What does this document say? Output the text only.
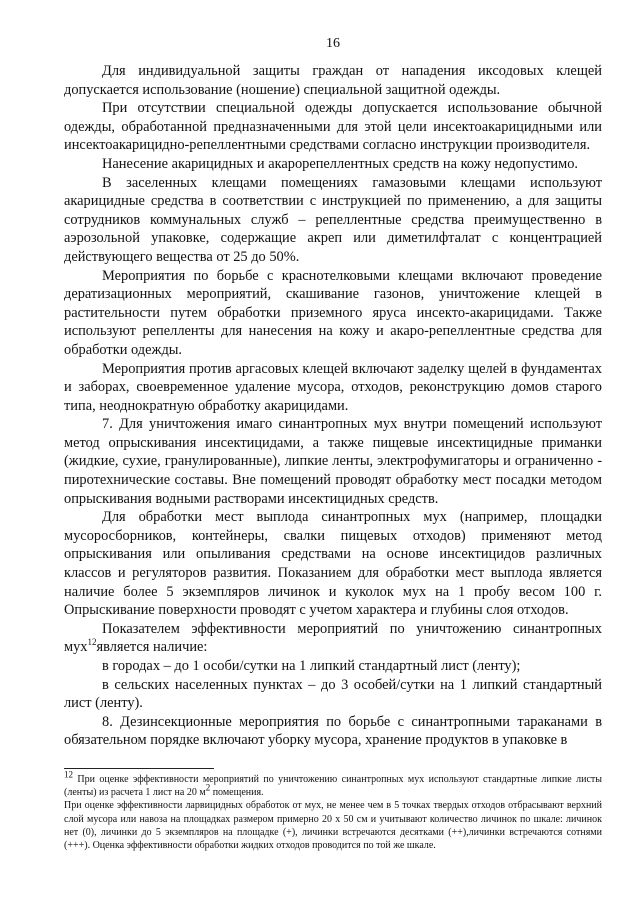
16

Для индивидуальной защиты граждан от нападения иксодовых клещей допускается использование (ношение) специальной защитной одежды.

При отсутствии специальной одежды допускается использование обычной одежды, обработанной предназначенными для этой цели инсектоакарицидными или инсектоакарицидно-репеллентными средствами согласно инструкции производителя.

Нанесение акарицидных и акарорепеллентных средств на кожу недопустимо.

В заселенных клещами помещениях гамазовыми клещами используют акарицидные средства в соответствии с инструкцией по применению, а для защиты сотрудников коммунальных служб – репеллентные средства преимущественно в аэрозольной упаковке, содержащие акреп или диметилфталат с концентрацией действующего вещества от 25 до 50%.

Мероприятия по борьбе с краснотелковыми клещами включают проведение дератизационных мероприятий, скашивание газонов, уничтожение клещей в растительности путем обработки приземного яруса инсекто-акарицидами. Также используют репелленты для нанесения на кожу и акаро-репеллентные средства для обработки одежды.

Мероприятия против аргасовых клещей включают заделку щелей в фундаментах и заборах, своевременное удаление мусора, отходов, реконструкцию домов старого типа, неоднократную обработку акарицидами.

7. Для уничтожения имаго синантропных мух внутри помещений используют метод опрыскивания инсектицидами, а также пищевые инсектицидные приманки (жидкие, сухие, гранулированные), липкие ленты, электрофумигаторы и ограниченно - пиротехнические составы. Вне помещений проводят обработку мест посадки методом опрыскивания водными растворами инсектицидных средств.

Для обработки мест выплода синантропных мух (например, площадки мусоросборников, контейнеры, свалки пищевых отходов) применяют метод опрыскивания или опыливания средствами на основе инсектицидов различных классов и регуляторов развития. Показанием для обработки мест выплода является наличие более 5 экземпляров личинок и куколок мух на 1 пробу весом 100 г. Опрыскивание поверхности проводят с учетом характера и глубины слоя отходов.

Показателем эффективности мероприятий по уничтожению синантропных мух$^{12}$является наличие:

в городах – до 1 особи/сутки на 1 липкий стандартный лист (ленту);

в сельских населенных пунктах – до 3 особей/сутки на 1 липкий стандартный лист (ленту).

8. Дезинсекционные мероприятия по борьбе с синантропными тараканами в обязательном порядке включают уборку мусора, хранение продуктов в упаковке в

$^{12}$ При оценке эффективности мероприятий по уничтожению синантропных мух используют стандартные липкие листы (ленты) из расчета 1 лист на 20 $м^2$ помещения.

При оценке эффективности ларвицидных обработок от мух, не менее чем в 5 точках твердых отходов отбрасывают верхний слой мусора или навоза на площадках размером примерно 20 х 50 см и учитывают количество личинок по шкале: личинок нет (0), личинки до 5 экземпляров на площадке (+), личинки встречаются десятками (++),личинки встречаются сотнями (+++). Оценка эффективности обработки жидких отходов проводится по той же шкале.
